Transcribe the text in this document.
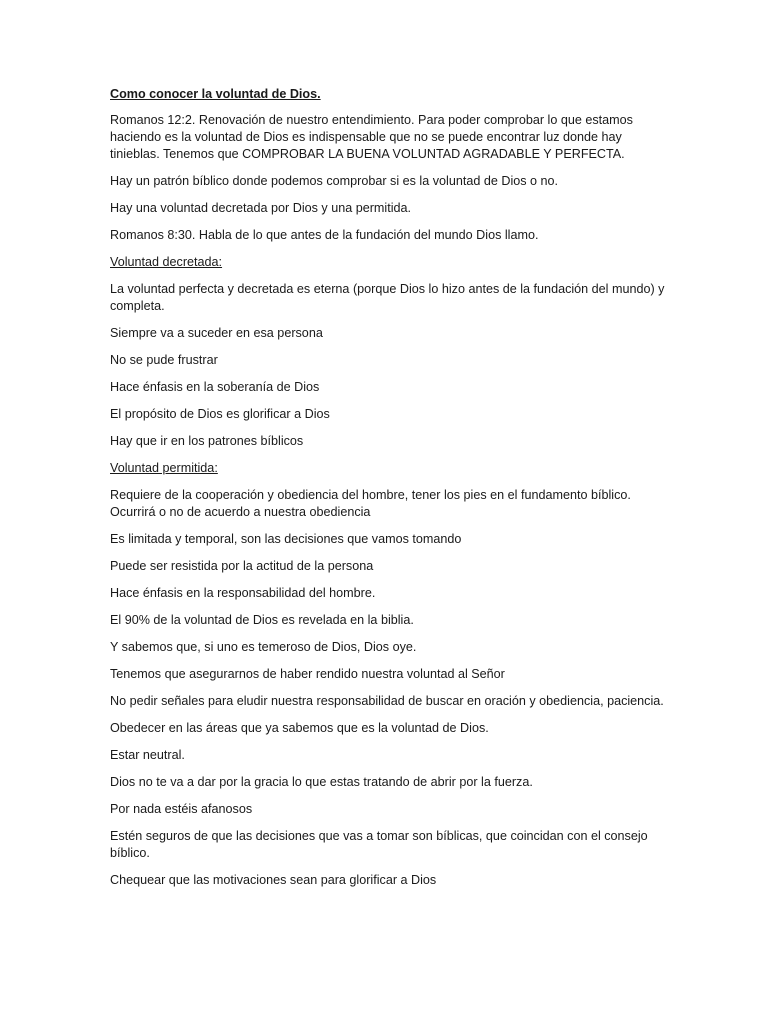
Como conocer la voluntad de Dios.

Romanos 12:2. Renovación de nuestro entendimiento. Para poder comprobar lo que estamos haciendo es la voluntad de Dios es indispensable que no se puede encontrar luz donde hay tinieblas. Tenemos que COMPROBAR LA BUENA VOLUNTAD AGRADABLE Y PERFECTA.

Hay un patrón bíblico donde podemos comprobar si es la voluntad de Dios o no.

Hay una voluntad decretada por Dios y una permitida.

Romanos 8:30. Habla de lo que antes de la fundación del mundo Dios llamo.

Voluntad decretada:

La voluntad perfecta y decretada es eterna (porque Dios lo hizo antes de la fundación del mundo) y completa.

Siempre va a suceder en esa persona

No se pude frustrar

Hace énfasis en la soberanía de Dios

El propósito de Dios es glorificar a Dios

Hay que ir en los patrones bíblicos

Voluntad permitida:

Requiere de la cooperación y obediencia del hombre, tener los pies en el fundamento bíblico. Ocurrirá o no de acuerdo a nuestra obediencia

Es limitada y temporal, son las decisiones que vamos tomando

Puede ser resistida por la actitud de la persona

Hace énfasis en la responsabilidad del hombre.

El 90% de la voluntad de Dios es revelada en la biblia.

Y sabemos que, si uno es temeroso de Dios, Dios oye.

Tenemos que asegurarnos de haber rendido nuestra voluntad al Señor

No pedir señales para eludir nuestra responsabilidad de buscar en oración y obediencia, paciencia.

Obedecer en las áreas que ya sabemos que es la voluntad de Dios.

Estar neutral.

Dios no te va a dar por la gracia lo que estas tratando de abrir por la fuerza.

Por nada estéis afanosos

Estén seguros de que las decisiones que vas a tomar son bíblicas, que coincidan con el consejo bíblico.

Chequear que las motivaciones sean para glorificar a Dios
